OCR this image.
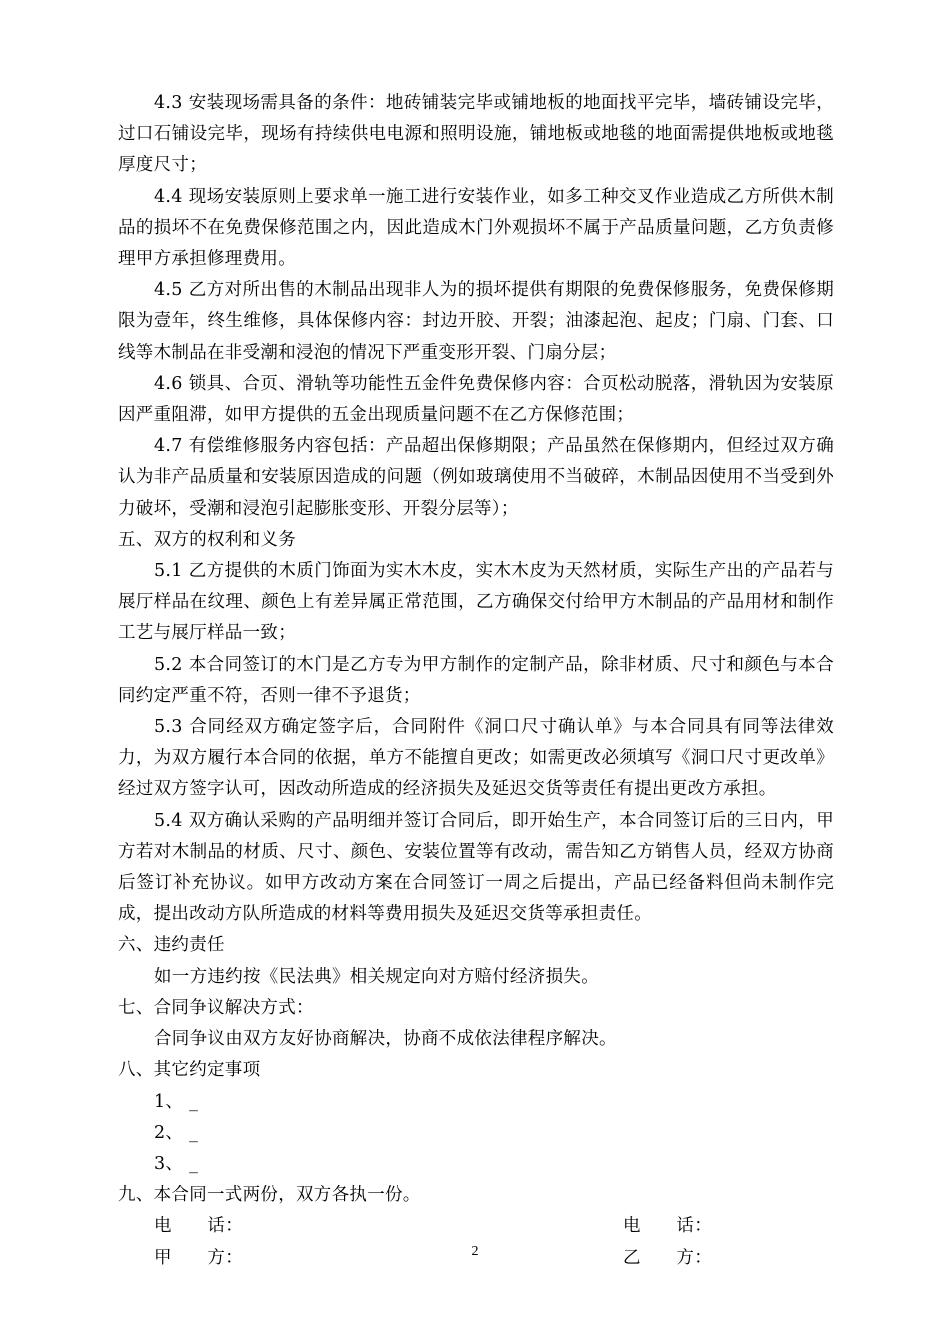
4.3 安装现场需具备的条件：地砖铺装完毕或铺地板的地面找平完毕，墙砖铺设完毕，过口石铺设完毕，现场有持续供电电源和照明设施，铺地板或地毯的地面需提供地板或地毯厚度尺寸；

4.4 现场安装原则上要求单一施工进行安装作业，如多工种交叉作业造成乙方所供木制品的损坏不在免费保修范围之内，因此造成木门外观损坏不属于产品质量问题，乙方负责修理甲方承担修理费用。

4.5 乙方对所出售的木制品出现非人为的损坏提供有期限的免费保修服务，免费保修期限为壹年，终生维修，具体保修内容：封边开胶、开裂；油漆起泡、起皮；门扇、门套、口线等木制品在非受潮和浸泡的情况下严重变形开裂、门扇分层；

4.6 锁具、合页、滑轨等功能性五金件免费保修内容：合页松动脱落，滑轨因为安装原因严重阻滞，如甲方提供的五金出现质量问题不在乙方保修范围；

4.7 有偿维修服务内容包括：产品超出保修期限；产品虽然在保修期内，但经过双方确认为非产品质量和安装原因造成的问题（例如玻璃使用不当破碎，木制品因使用不当受到外力破坏，受潮和浸泡引起膨胀变形、开裂分层等）；

五、双方的权利和义务

5.1 乙方提供的木质门饰面为实木木皮，实木木皮为天然材质，实际生产出的产品若与展厅样品在纹理、颜色上有差异属正常范围，乙方确保交付给甲方木制品的产品用材和制作工艺与展厅样品一致；

5.2 本合同签订的木门是乙方专为甲方制作的定制产品，除非材质、尺寸和颜色与本合同约定严重不符，否则一律不予退货；

5.3 合同经双方确定签字后，合同附件《洞口尺寸确认单》与本合同具有同等法律效力，为双方履行本合同的依据，单方不能擅自更改；如需更改必须填写《洞口尺寸更改单》经过双方签字认可，因改动所造成的经济损失及延迟交货等责任有提出更改方承担。

5.4 双方确认采购的产品明细并签订合同后，即开始生产，本合同签订后的三日内，甲方若对木制品的材质、尺寸、颜色、安装位置等有改动，需告知乙方销售人员，经双方协商后签订补充协议。如甲方改动方案在合同签订一周之后提出，产品已经备料但尚未制作完成，提出改动方队所造成的材料等费用损失及延迟交货等承担责任。

六、违约责任

如一方违约按《民法典》相关规定向对方赔付经济损失。

七、合同争议解决方式：

合同争议由双方友好协商解决，协商不成依法律程序解决。

八、其它约定事项

1、 _

2、 _

3、 _

九、本合同一式两份，双方各执一份。

电　　话：	电　　话：
甲　　方：	乙　　方：
2
